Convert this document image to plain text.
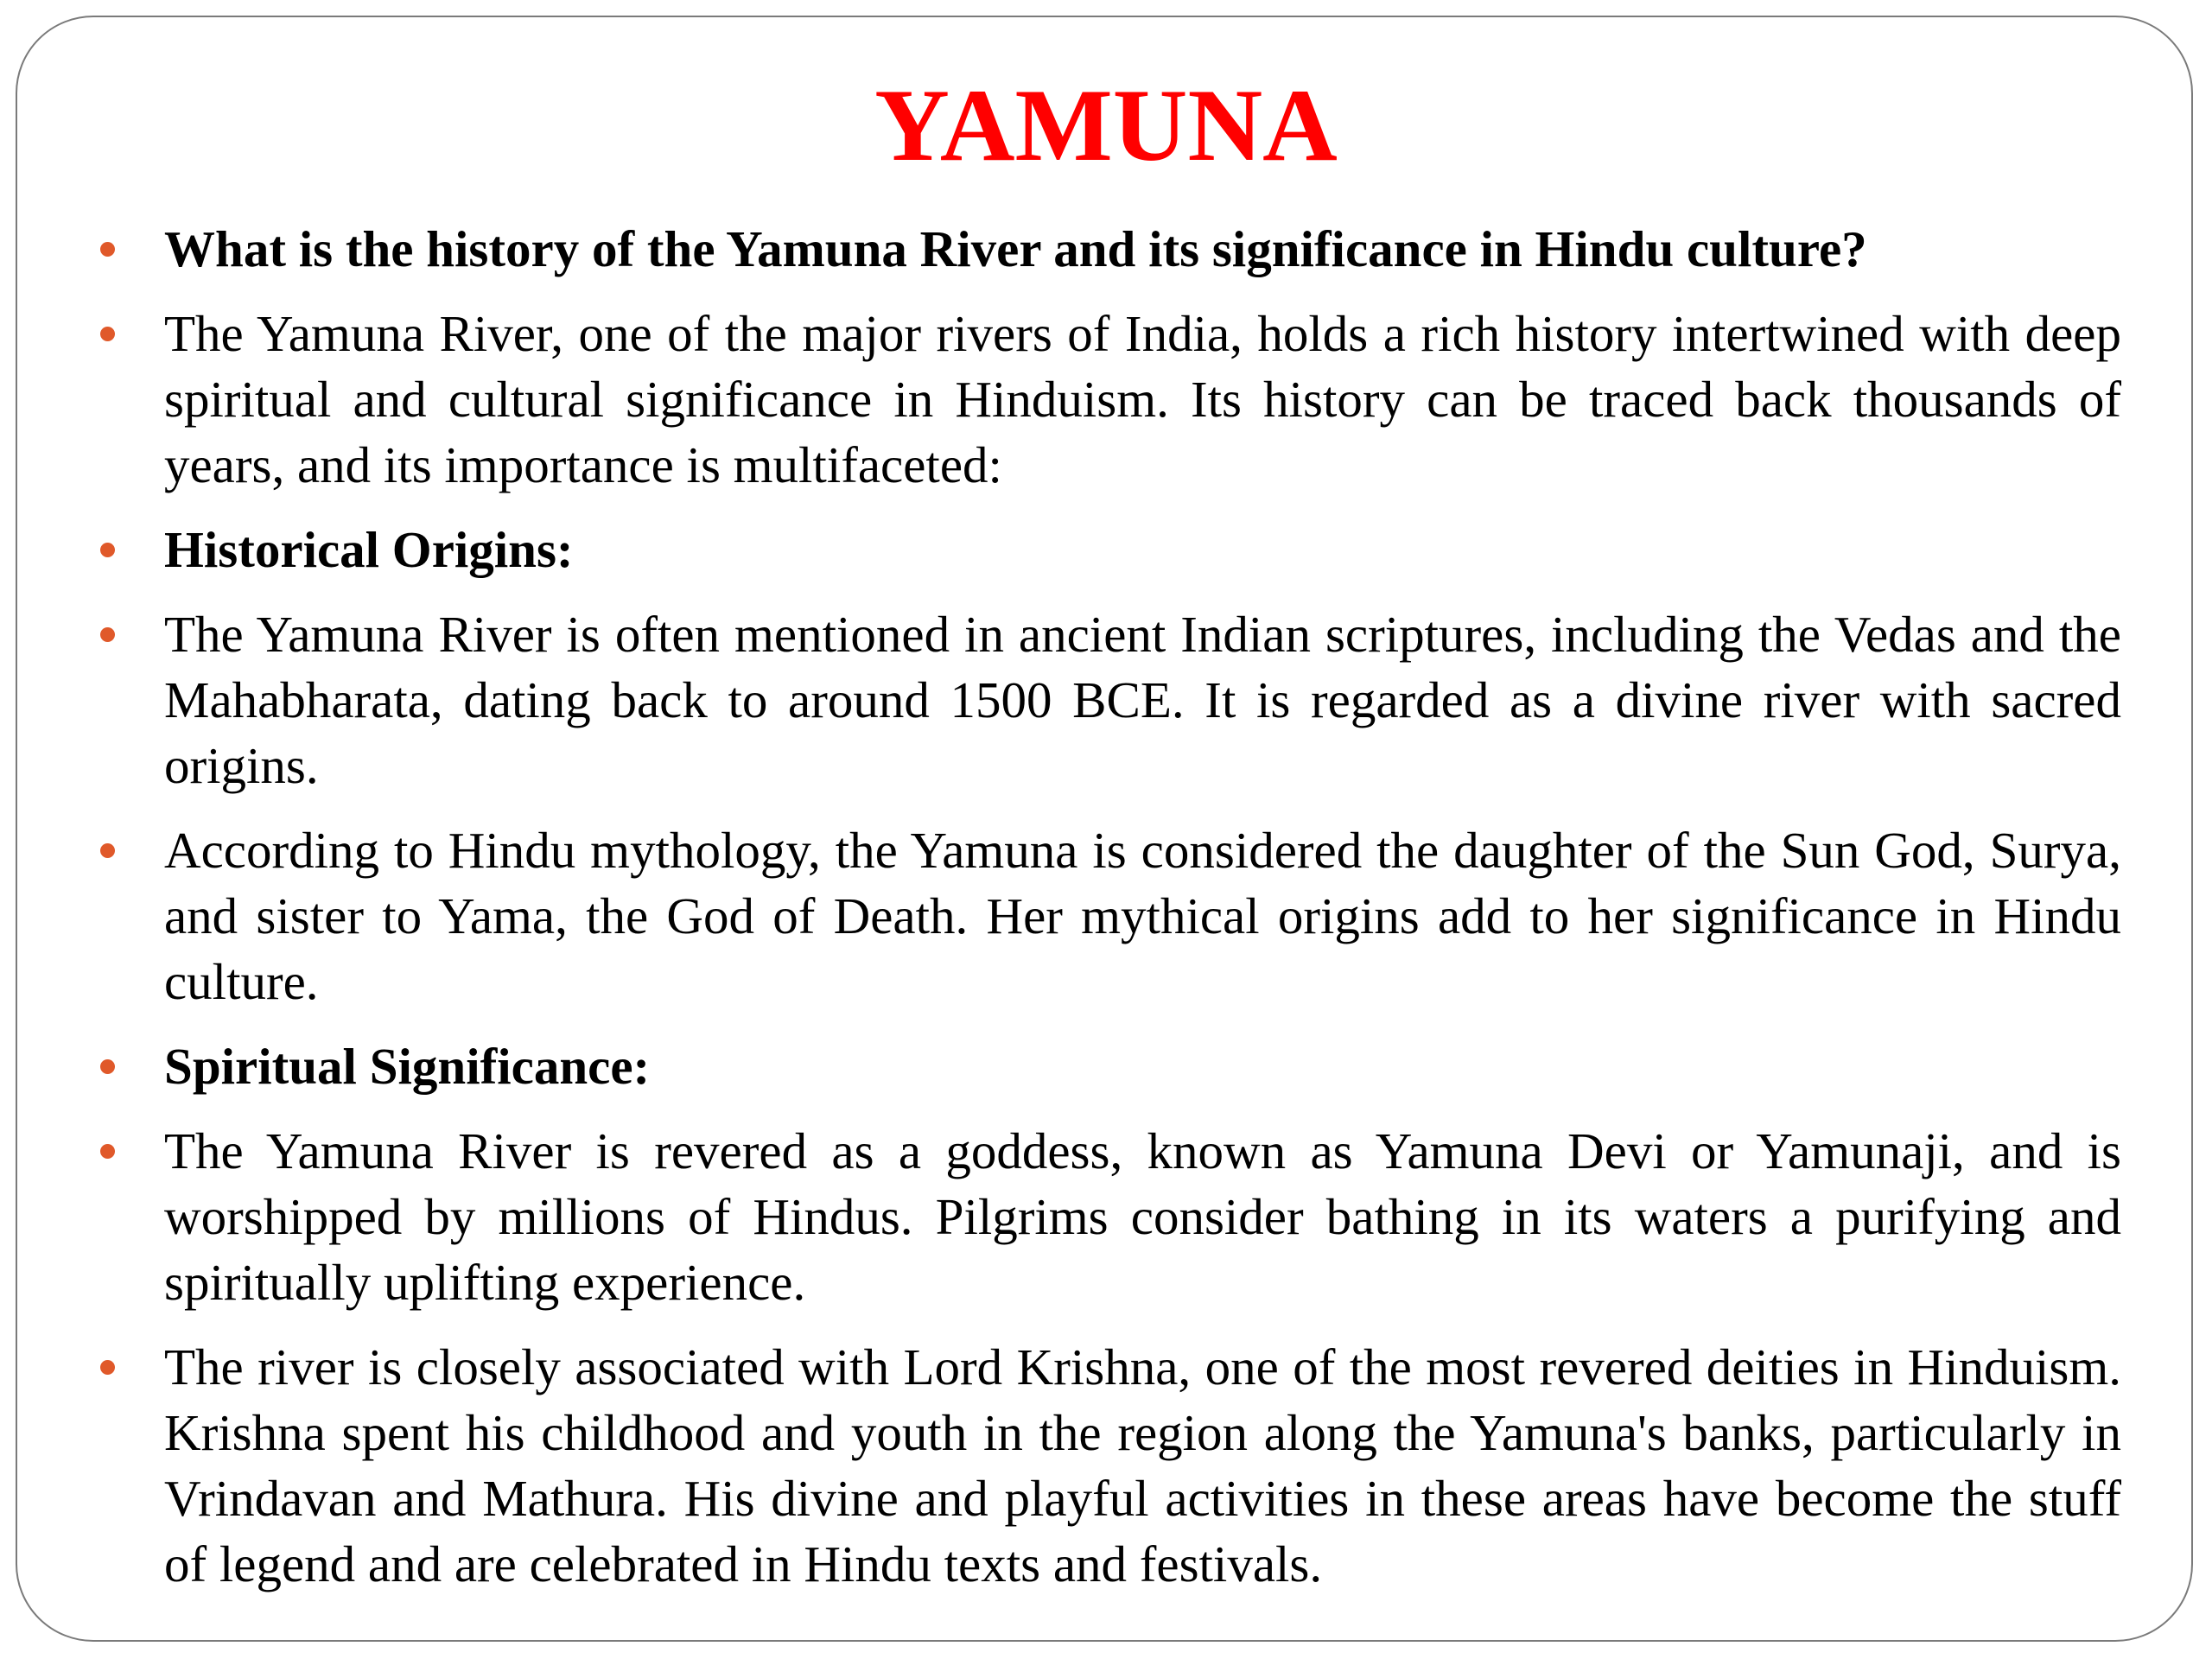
YAMUNA
What is the history of the Yamuna River and its significance in Hindu culture?
The Yamuna River, one of the major rivers of India, holds a rich history intertwined with deep spiritual and cultural significance in Hinduism. Its history can be traced back thousands of years, and its importance is multifaceted:
Historical Origins:
The Yamuna River is often mentioned in ancient Indian scriptures, including the Vedas and the Mahabharata, dating back to around 1500 BCE. It is regarded as a divine river with sacred origins.
According to Hindu mythology, the Yamuna is considered the daughter of the Sun God, Surya, and sister to Yama, the God of Death. Her mythical origins add to her significance in Hindu culture.
Spiritual Significance:
The Yamuna River is revered as a goddess, known as Yamuna Devi or Yamunaji, and is worshipped by millions of Hindus. Pilgrims consider bathing in its waters a purifying and spiritually uplifting experience.
The river is closely associated with Lord Krishna, one of the most revered deities in Hinduism. Krishna spent his childhood and youth in the region along the Yamuna's banks, particularly in Vrindavan and Mathura. His divine and playful activities in these areas have become the stuff of legend and are celebrated in Hindu texts and festivals.
